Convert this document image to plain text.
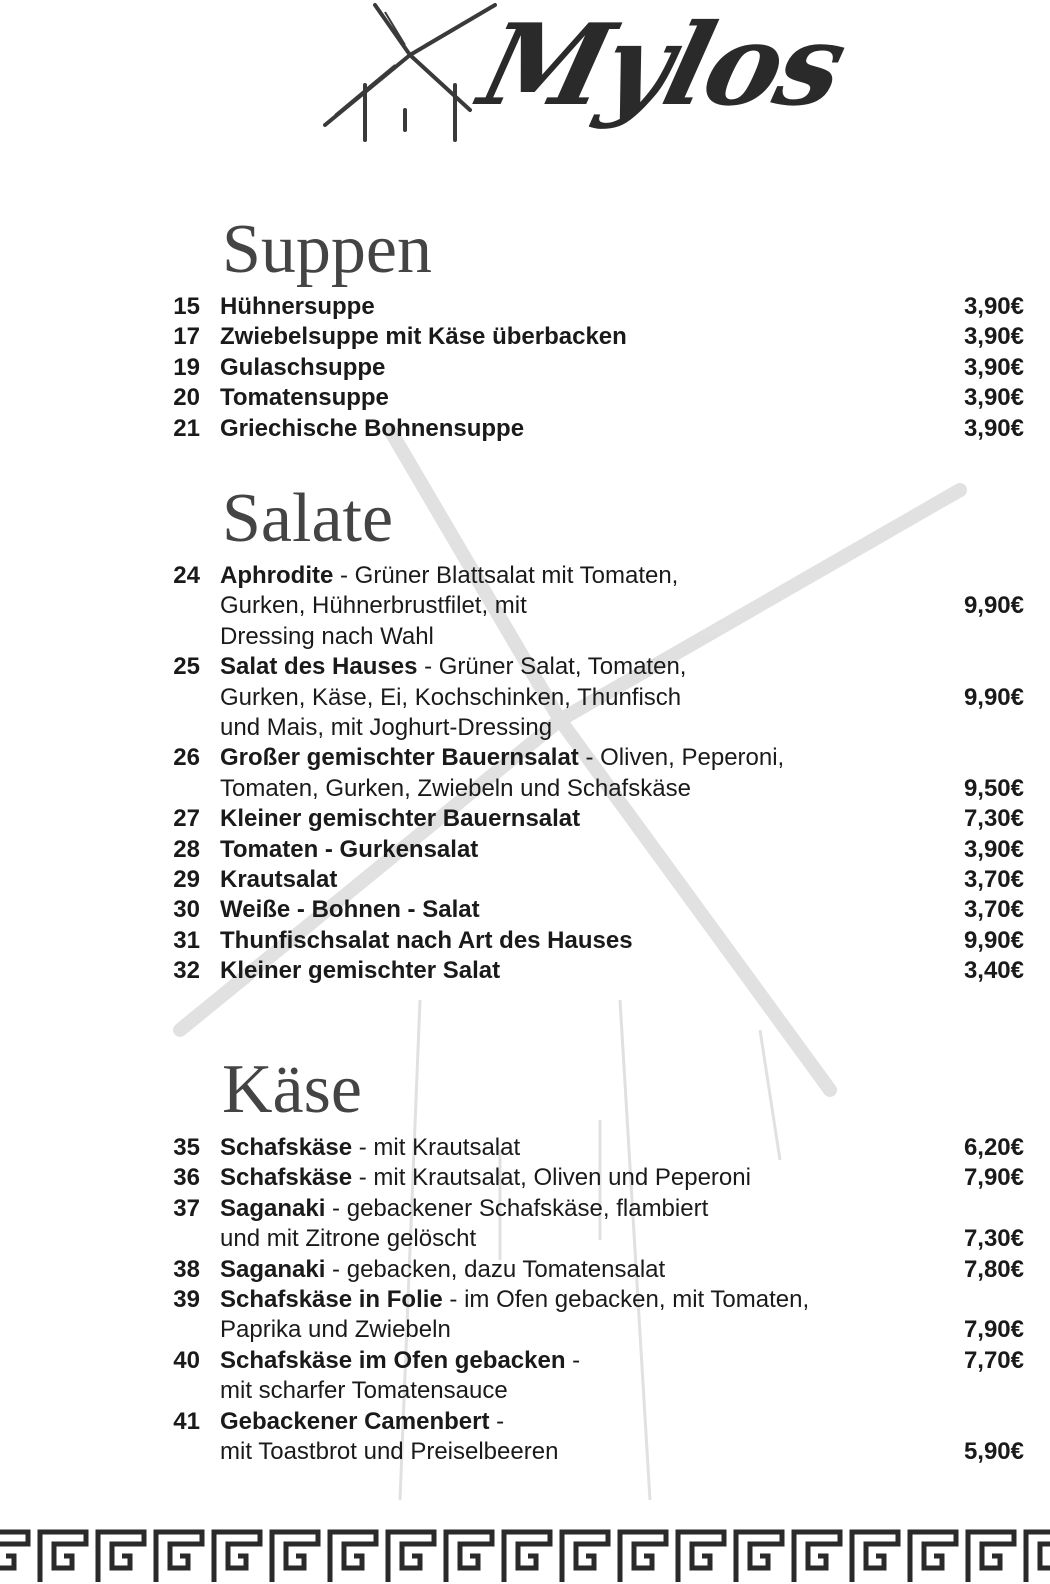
Mylos
Suppen
Salate
Käse
15 Hühnersuppe	3,90€
17 Zwiebelsuppe mit Käse überbacken	3,90€
19 Gulaschsuppe	3,90€
20 Tomatensuppe	3,90€
21 Griechische Bohnensuppe	3,90€
24 Aphrodite - Grüner Blattsalat mit Tomaten,
Gurken, Hühnerbrustfilet, mit	9,90€
Dressing nach Wahl
25 Salat des Hauses - Grüner Salat, Tomaten,
Gurken, Käse, Ei, Kochschinken, Thunfisch	9,90€
und Mais, mit Joghurt-Dressing
26 Großer gemischter Bauernsalat - Oliven, Peperoni,
Tomaten, Gurken, Zwiebeln und Schafskäse	9,50€
27 Kleiner gemischter Bauernsalat	7,30€
28 Tomaten - Gurkensalat	3,90€
29 Krautsalat	3,70€
30 Weiße - Bohnen - Salat	3,70€
31 Thunfischsalat nach Art des Hauses	9,90€
32 Kleiner gemischter Salat	3,40€
35 Schafskäse - mit Krautsalat	6,20€
36 Schafskäse - mit Krautsalat, Oliven und Peperoni	7,90€
37 Saganaki - gebackener Schafskäse, flambiert
und mit Zitrone gelöscht	7,30€
38 Saganaki - gebacken, dazu Tomatensalat	7,80€
39 Schafskäse in Folie - im Ofen gebacken, mit Tomaten,
Paprika und Zwiebeln	7,90€
40 Schafskäse im Ofen gebacken -	7,70€
mit scharfer Tomatensauce
41 Gebackener Camenbert -
mit Toastbrot und Preiselbeeren	5,90€
